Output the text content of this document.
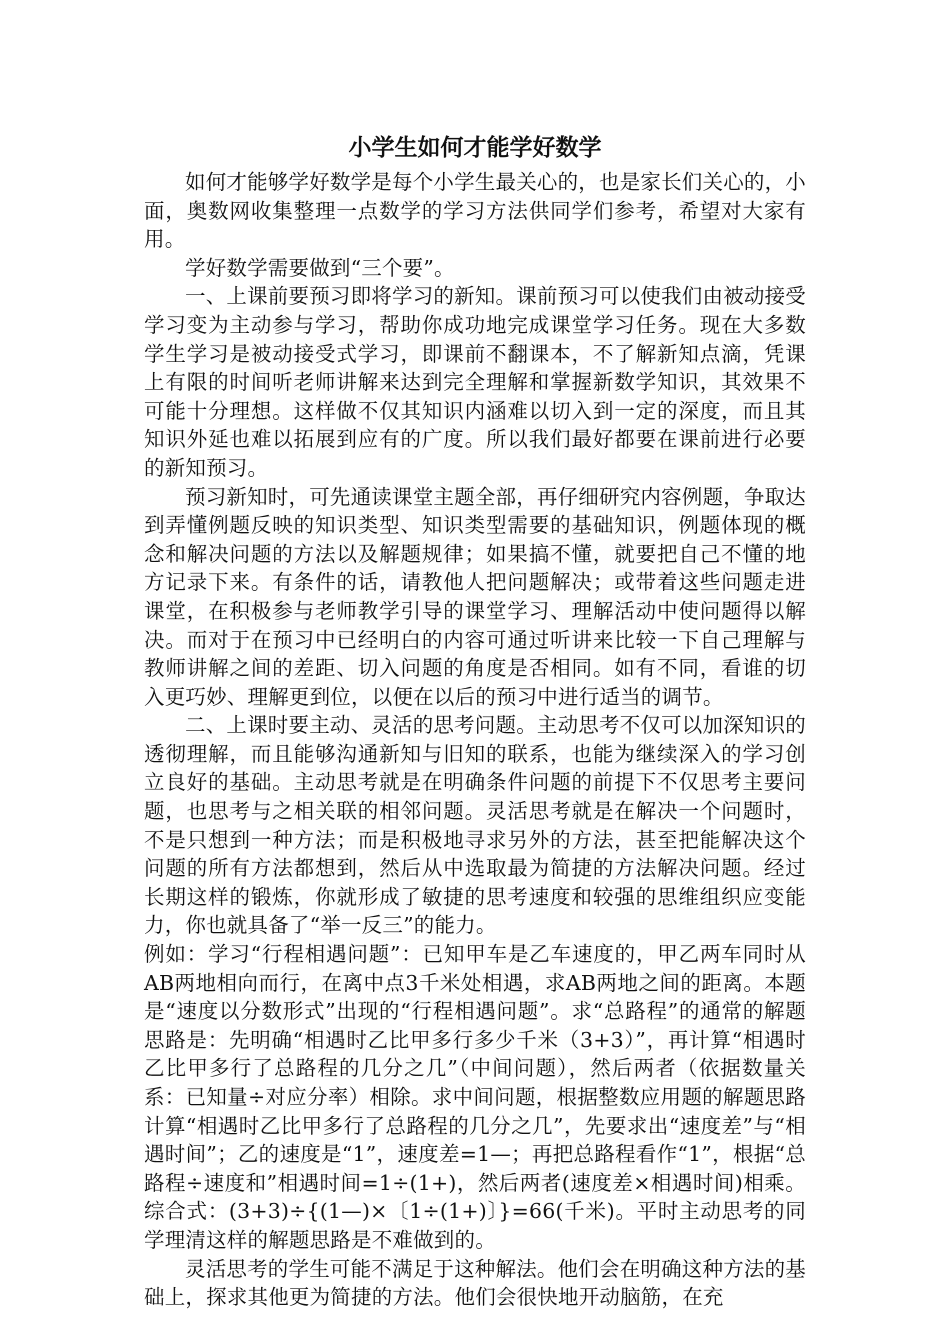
小学生如何才能学好数学

如何才能够学好数学是每个小学生最关心的，也是家长们关心的，小面，奥数网收集整理一点数学的学习方法供同学们参考，希望对大家有用。

学好数学需要做到“三个要”。

一、上课前要预习即将学习的新知。课前预习可以使我们由被动接受学习变为主动参与学习，帮助你成功地完成课堂学习任务。现在大多数学生学习是被动接受式学习，即课前不翻课本，不了解新知点滴，凭课上有限的时间听老师讲解来达到完全理解和掌握新数学知识，其效果不可能十分理想。这样做不仅其知识内涵难以切入到一定的深度，而且其知识外延也难以拓展到应有的广度。所以我们最好都要在课前进行必要的新知预习。

预习新知时，可先通读课堂主题全部，再仔细研究内容例题，争取达到弄懂例题反映的知识类型、知识类型需要的基础知识，例题体现的概念和解决问题的方法以及解题规律；如果搞不懂，就要把自己不懂的地方记录下来。有条件的话，请教他人把问题解决；或带着这些问题走进课堂，在积极参与老师教学引导的课堂学习、理解活动中使问题得以解决。而对于在预习中已经明白的内容可通过听讲来比较一下自己理解与教师讲解之间的差距、切入问题的角度是否相同。如有不同，看谁的切入更巧妙、理解更到位，以便在以后的预习中进行适当的调节。

二、上课时要主动、灵活的思考问题。主动思考不仅可以加深知识的透彻理解，而且能够沟通新知与旧知的联系，也能为继续深入的学习创立良好的基础。主动思考就是在明确条件问题的前提下不仅思考主要问题，也思考与之相关联的相邻问题。灵活思考就是在解决一个问题时，不是只想到一种方法；而是积极地寻求另外的方法，甚至把能解决这个问题的所有方法都想到，然后从中选取最为简捷的方法解决问题。经过长期这样的锻炼，你就形成了敏捷的思考速度和较强的思维组织应变能力，你也就具备了“举一反三”的能力。

例如：学习“行程相遇问题”：已知甲车是乙车速度的，甲乙两车同时从AB两地相向而行，在离中点3千米处相遇，求AB两地之间的距离。本题是“速度以分数形式”出现的“行程相遇问题”。求“总路程”的通常的解题思路是：先明确“相遇时乙比甲多行多少千米（3+3）”，再计算“相遇时乙比甲多行了总路程的几分之几”（中间问题），然后两者（依据数量关系：已知量÷对应分率）相除。求中间问题，根据整数应用题的解题思路计算“相遇时乙比甲多行了总路程的几分之几”，先要求出“速度差”与“相遇时间”；乙的速度是“1”，速度差=1—；再把总路程看作“1”，根据“总路程÷速度和”相遇时间=1÷(1+)，然后两者(速度差×相遇时间)相乘。综合式：(3+3)÷{(1—)×〔1÷(1+)〕}=66(千米)。平时主动思考的同学理清这样的解题思路是不难做到的。

灵活思考的学生可能不满足于这种解法。他们会在明确这种方法的基础上，探求其他更为简捷的方法。他们会很快地开动脑筋，在充
